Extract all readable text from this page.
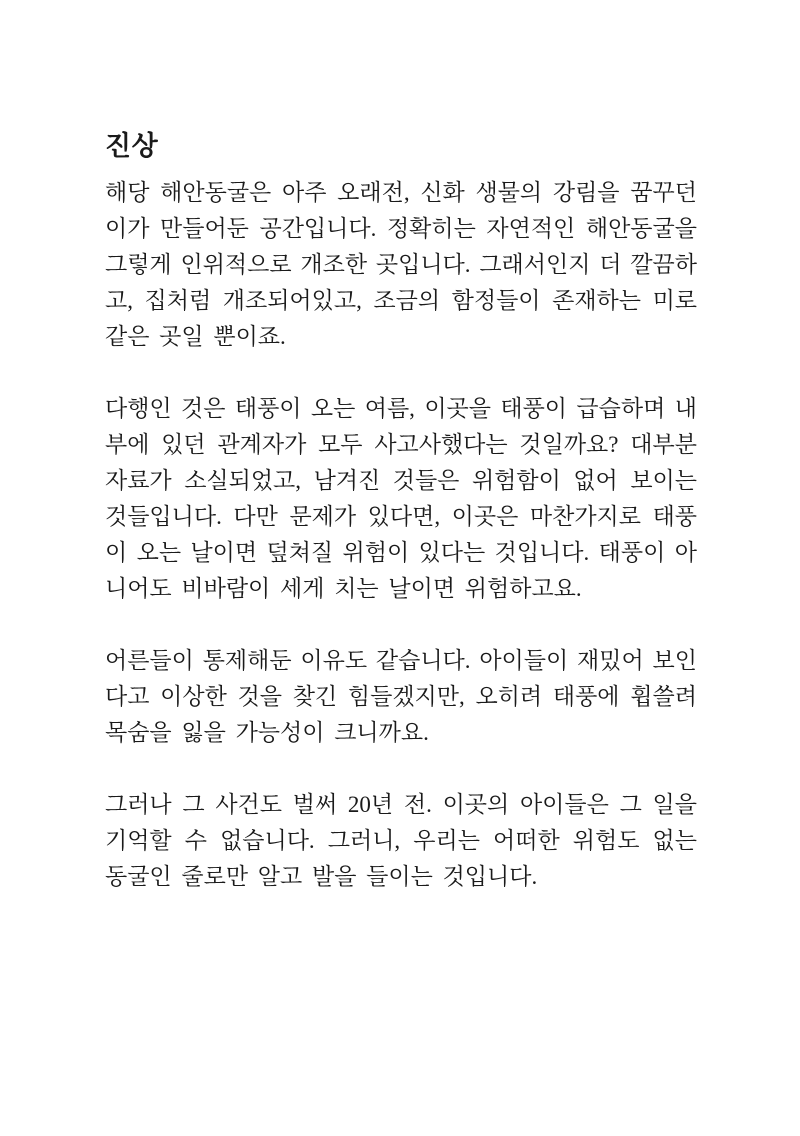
진상
해당 해안동굴은 아주 오래전, 신화 생물의 강림을 꿈꾸던
이가 만들어둔 공간입니다. 정확히는 자연적인 해안동굴을
그렇게 인위적으로 개조한 곳입니다. 그래서인지 더 깔끔하
고, 집처럼 개조되어있고, 조금의 함정들이 존재하는 미로
같은 곳일 뿐이죠.
다행인 것은 태풍이 오는 여름, 이곳을 태풍이 급습하며 내
부에 있던 관계자가 모두 사고사했다는 것일까요? 대부분
자료가 소실되었고, 남겨진 것들은 위험함이 없어 보이는
것들입니다. 다만 문제가 있다면, 이곳은 마찬가지로 태풍
이 오는 날이면 덮쳐질 위험이 있다는 것입니다. 태풍이 아
니어도 비바람이 세게 치는 날이면 위험하고요.
어른들이 통제해둔 이유도 같습니다. 아이들이 재밌어 보인
다고 이상한 것을 찾긴 힘들겠지만, 오히려 태풍에 휩쓸려
목숨을 잃을 가능성이 크니까요.
그러나 그 사건도 벌써 20년 전. 이곳의 아이들은 그 일을
기억할 수 없습니다. 그러니, 우리는 어떠한 위험도 없는
동굴인 줄로만 알고 발을 들이는 것입니다.
